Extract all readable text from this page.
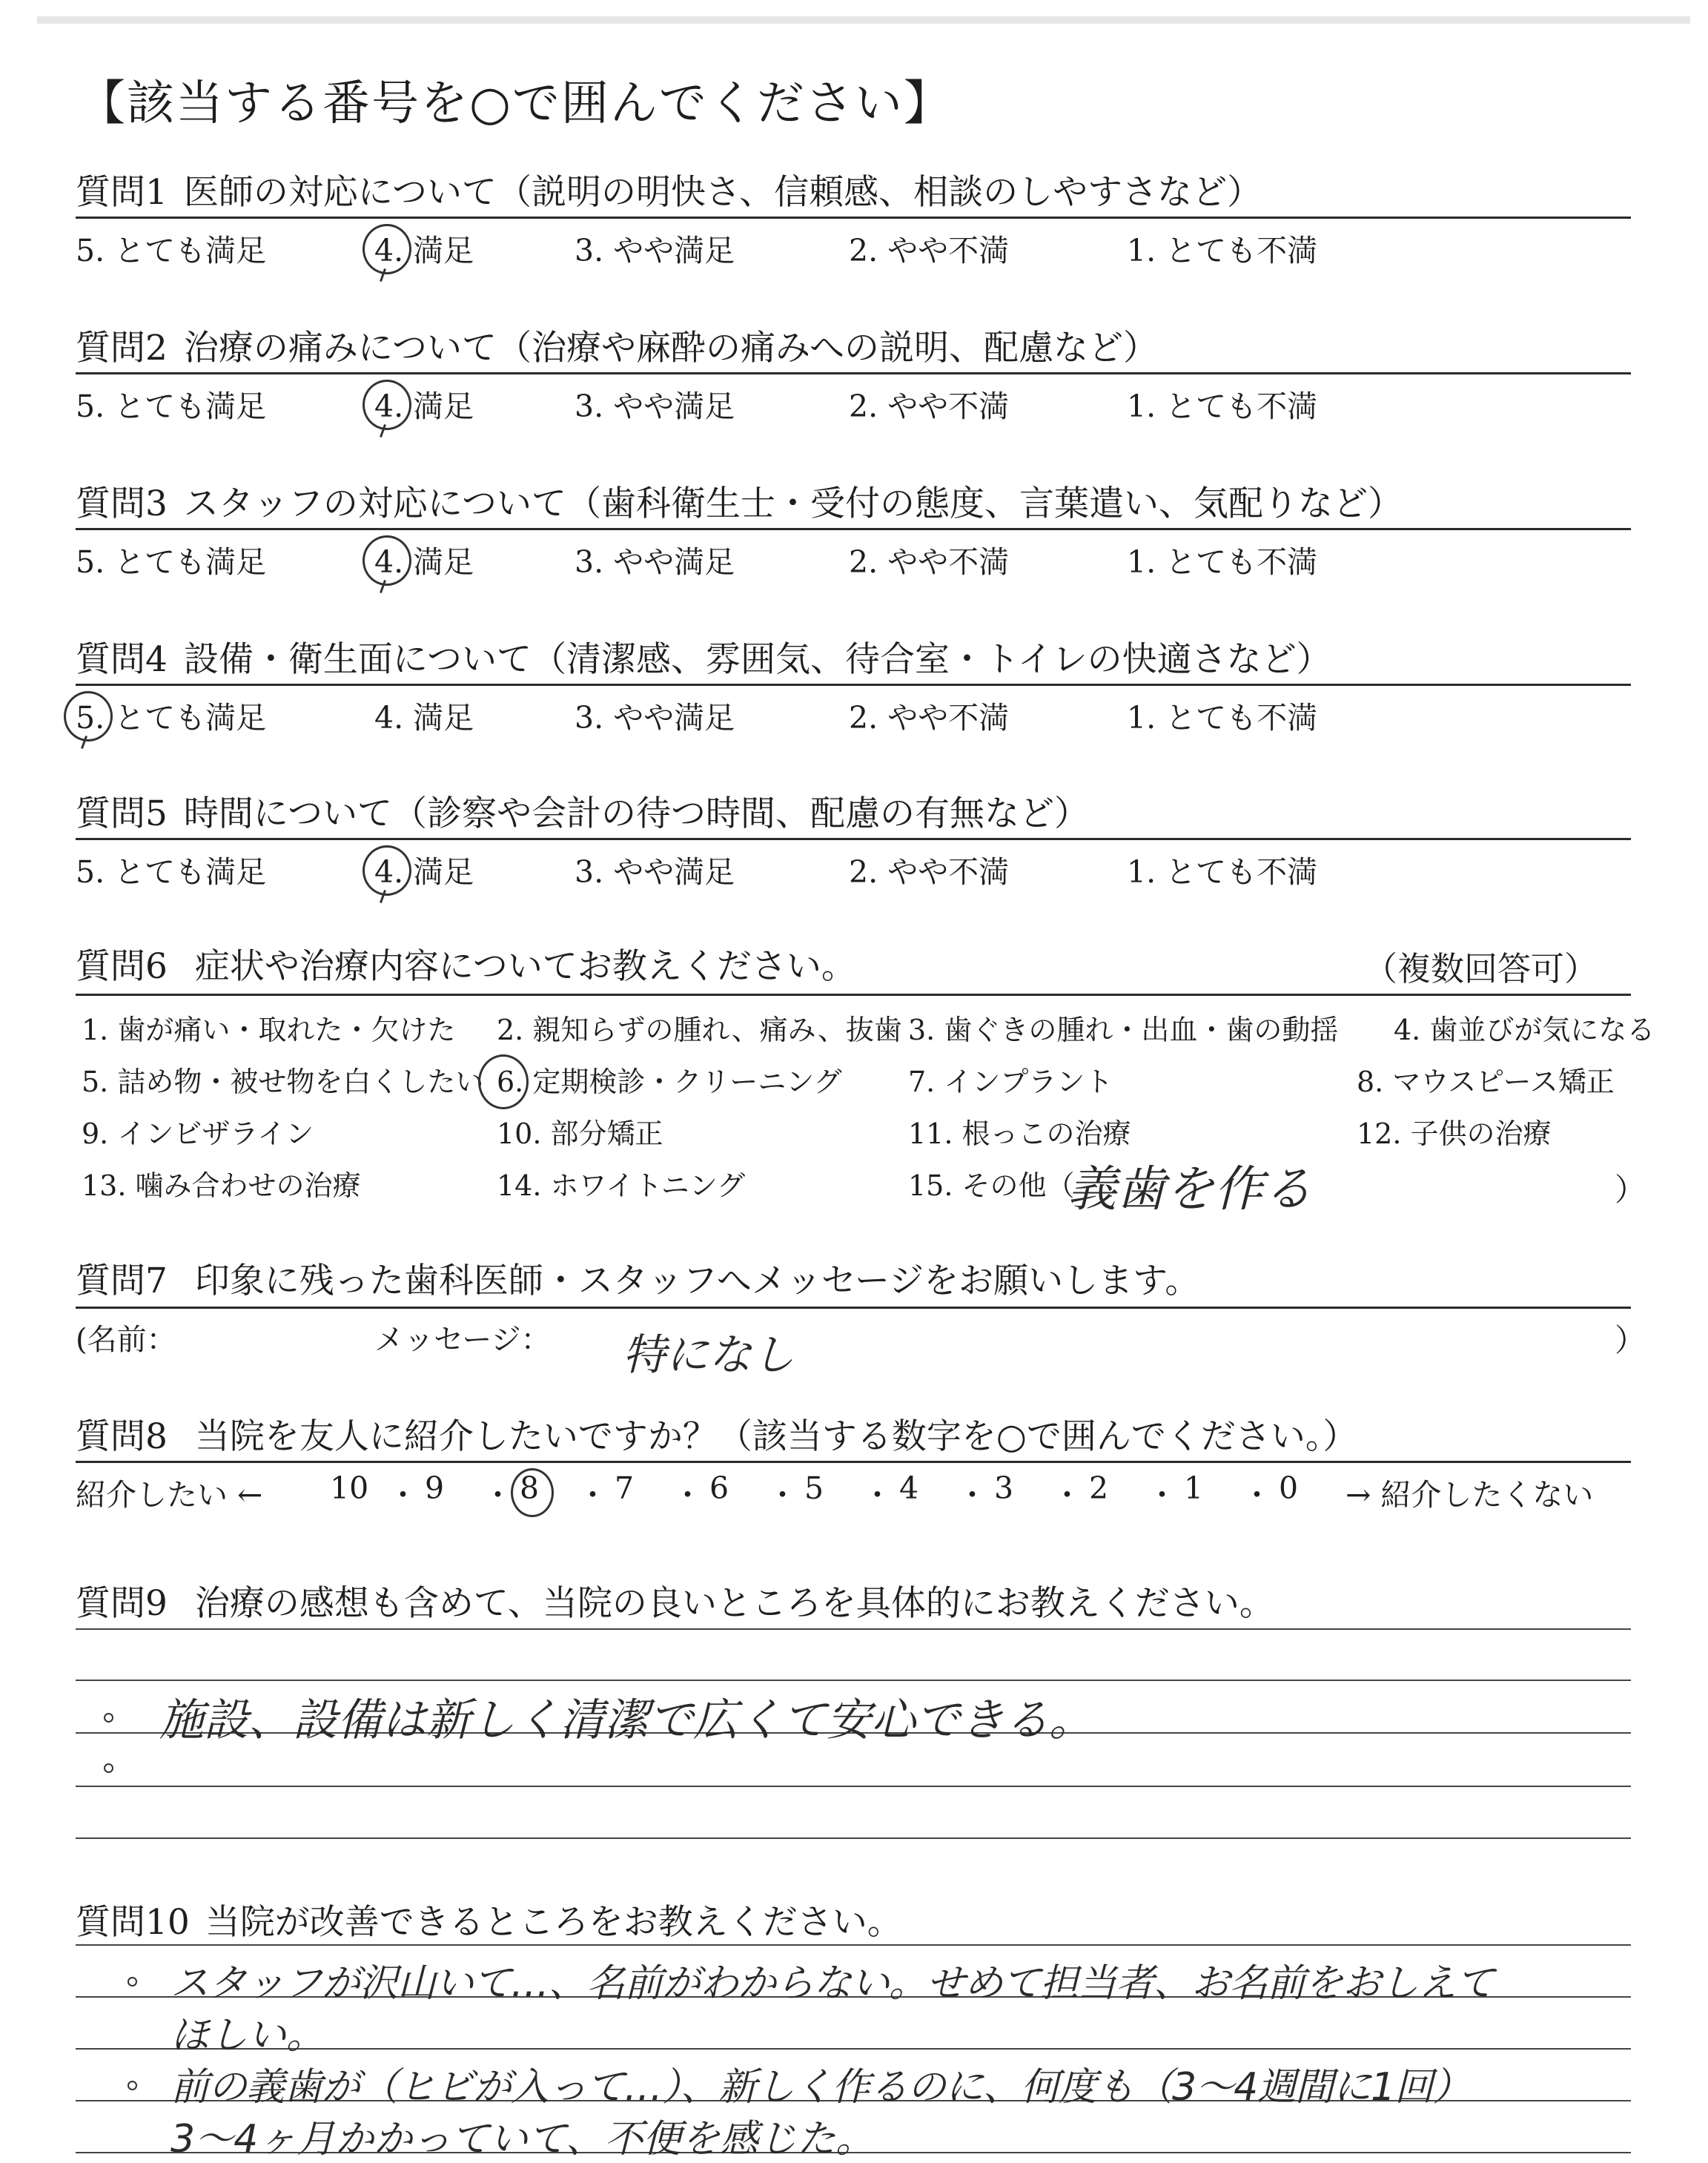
【該当する番号を○で囲んでください】
質問1 医師の対応について（説明の明快さ、信頼感、相談のしやすさなど）
5. とても満足	4. 満足	3. やや満足	2. やや不満	1. とても不満
質問2 治療の痛みについて（治療や麻酔の痛みへの説明、配慮など）
5. とても満足	4. 満足	3. やや満足	2. やや不満	1. とても不満
質問3 スタッフの対応について（歯科衛生士・受付の態度、言葉遣い、気配りなど）
5. とても満足	4. 満足	3. やや満足	2. やや不満	1. とても不満
質問4 設備・衛生面について（清潔感、雰囲気、待合室・トイレの快適さなど）
5. とても満足	4. 満足	3. やや満足	2. やや不満	1. とても不満
質問5 時間について（診察や会計の待つ時間、配慮の有無など）
5. とても満足	4. 満足	3. やや満足	2. やや不満	1. とても不満
質問6 症状や治療内容についてお教えください。	（複数回答可）
1. 歯が痛い・取れた・欠けた 2. 親知らずの腫れ、痛み、抜歯 3. 歯ぐきの腫れ・出血・歯の動揺 4. 歯並びが気になる
5. 詰め物・被せ物を白くしたい 6. 定期検診・クリーニング 7. インプラント	8. マウスピース矯正
9. インビザライン	10. 部分矯正	11. 根っこの治療	12. 子供の治療
13. 噛み合わせの治療	14. ホワイトニング	15. その他（	）
義歯を作る
質問7 印象に残った歯科医師・スタッフへメッセージをお願いします。
(名前：	メッセージ：	）
特になし
質問8 当院を友人に紹介したいですか？（該当する数字を○で囲んでください。）
紹介したい ←	→ 紹介したくない
10 ・ 9 ・ 8 ・ 7 ・ 6 ・ 5 ・ 4 ・ 3 ・ 2 ・ 1 ・ 0
質問9 治療の感想も含めて、当院の良いところを具体的にお教えください。
施設、設備は新しく清潔で広くて安心できる。
質問10 当院が改善できるところをお教えください。
スタッフが沢山いて…、名前がわからない。せめて担当者、お名前をおしえて
ほしい。
前の義歯が（ヒビが入って…）、新しく作るのに、何度も（3〜4週間に1回）
3〜4ヶ月かかっていて、不便を感じた。
